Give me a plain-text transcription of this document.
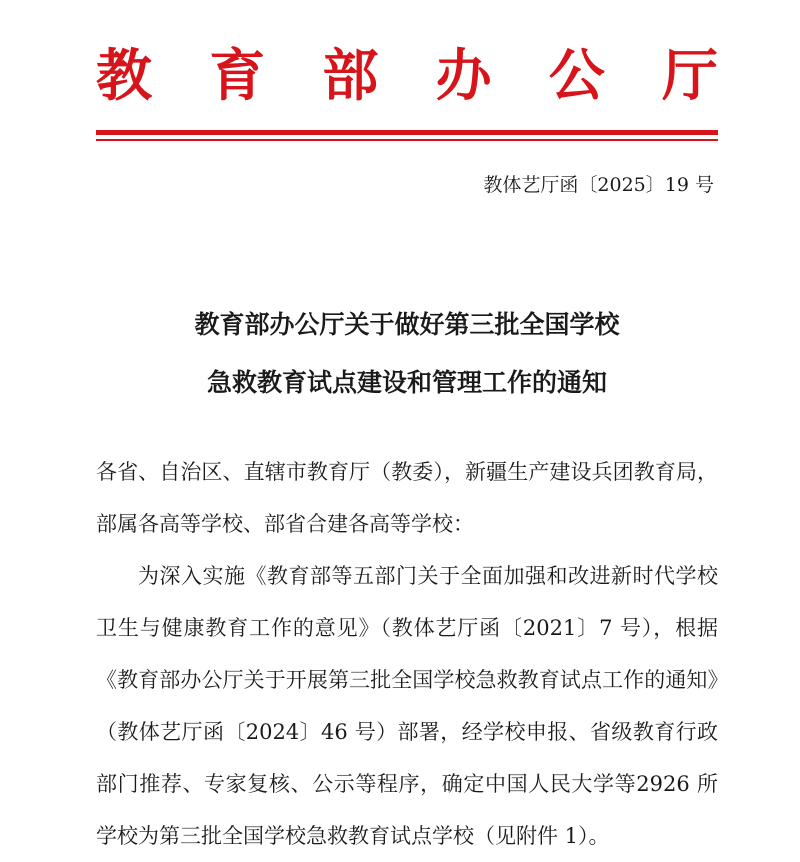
教育部办公厅
教体艺厅函〔2025〕19 号
教育部办公厅关于做好第三批全国学校
急救教育试点建设和管理工作的通知

各省、自治区、直辖市教育厅（教委），新疆生产建设兵团教育局，部属各高等学校、部省合建各高等学校：

为深入实施《教育部等五部门关于全面加强和改进新时代学校卫生与健康教育工作的意见》（教体艺厅函〔2021〕7 号），根据《教育部办公厅关于开展第三批全国学校急救教育试点工作的通知》（教体艺厅函〔2024〕46 号）部署，经学校申报、省级教育行政部门推荐、专家复核、公示等程序，确定中国人民大学等2926 所学校为第三批全国学校急救教育试点学校（见附件 1）。
